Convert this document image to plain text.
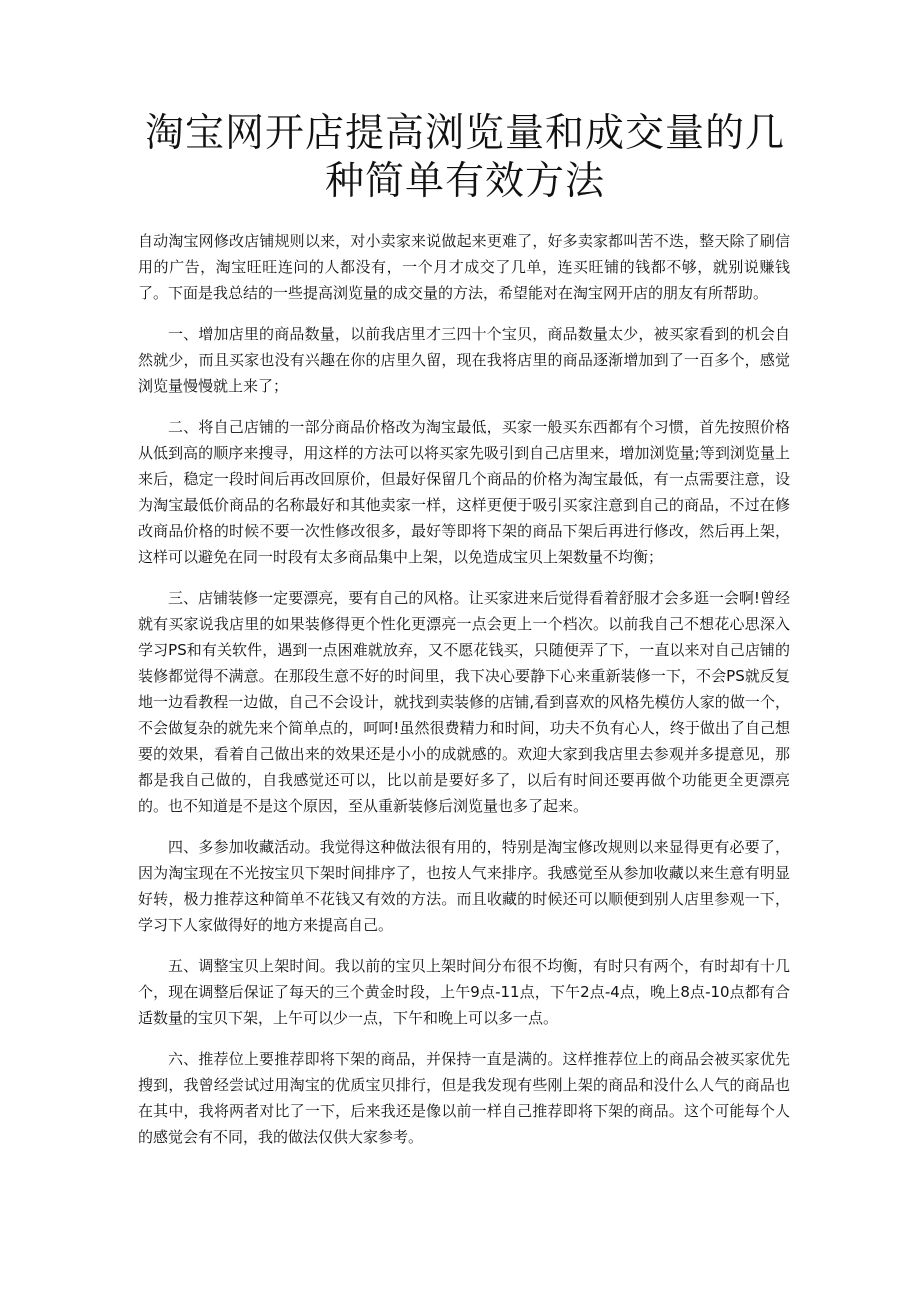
淘宝网开店提高浏览量和成交量的几种简单有效方法

自动淘宝网修改店铺规则以来，对小卖家来说做起来更难了，好多卖家都叫苦不迭，整天除了刷信用的广告，淘宝旺旺连问的人都没有，一个月才成交了几单，连买旺铺的钱都不够，就别说赚钱了。下面是我总结的一些提高浏览量的成交量的方法，希望能对在淘宝网开店的朋友有所帮助。

一、增加店里的商品数量，以前我店里才三四十个宝贝，商品数量太少，被买家看到的机会自然就少，而且买家也没有兴趣在你的店里久留，现在我将店里的商品逐渐增加到了一百多个，感觉浏览量慢慢就上来了；

二、将自己店铺的一部分商品价格改为淘宝最低，买家一般买东西都有个习惯，首先按照价格从低到高的顺序来搜寻，用这样的方法可以将买家先吸引到自己店里来，增加浏览量;等到浏览量上来后，稳定一段时间后再改回原价，但最好保留几个商品的价格为淘宝最低，有一点需要注意，设为淘宝最低价商品的名称最好和其他卖家一样，这样更便于吸引买家注意到自己的商品，不过在修改商品价格的时候不要一次性修改很多，最好等即将下架的商品下架后再进行修改，然后再上架，这样可以避免在同一时段有太多商品集中上架，以免造成宝贝上架数量不均衡；

三、店铺装修一定要漂亮，要有自己的风格。让买家进来后觉得看着舒服才会多逛一会啊!曾经就有买家说我店里的如果装修得更个性化更漂亮一点会更上一个档次。以前我自己不想花心思深入学习PS和有关软件，遇到一点困难就放弃，又不愿花钱买，只随便弄了下，一直以来对自己店铺的装修都觉得不满意。在那段生意不好的时间里，我下决心要静下心来重新装修一下，不会PS就反复地一边看教程一边做，自己不会设计，就找到卖装修的店铺,看到喜欢的风格先模仿人家的做一个，不会做复杂的就先来个简单点的，呵呵!虽然很费精力和时间，功夫不负有心人，终于做出了自己想要的效果，看着自己做出来的效果还是小小的成就感的。欢迎大家到我店里去参观并多提意见，那都是我自己做的，自我感觉还可以，比以前是要好多了，以后有时间还要再做个功能更全更漂亮的。也不知道是不是这个原因，至从重新装修后浏览量也多了起来。

四、多参加收藏活动。我觉得这种做法很有用的，特别是淘宝修改规则以来显得更有必要了，因为淘宝现在不光按宝贝下架时间排序了，也按人气来排序。我感觉至从参加收藏以来生意有明显好转，极力推荐这种简单不花钱又有效的方法。而且收藏的时候还可以顺便到别人店里参观一下，学习下人家做得好的地方来提高自己。

五、调整宝贝上架时间。我以前的宝贝上架时间分布很不均衡，有时只有两个，有时却有十几个，现在调整后保证了每天的三个黄金时段，上午9点-11点，下午2点-4点，晚上8点-10点都有合适数量的宝贝下架，上午可以少一点，下午和晚上可以多一点。

六、推荐位上要推荐即将下架的商品，并保持一直是满的。这样推荐位上的商品会被买家优先搜到，我曾经尝试过用淘宝的优质宝贝排行，但是我发现有些刚上架的商品和没什么人气的商品也在其中，我将两者对比了一下，后来我还是像以前一样自己推荐即将下架的商品。这个可能每个人的感觉会有不同，我的做法仅供大家参考。
